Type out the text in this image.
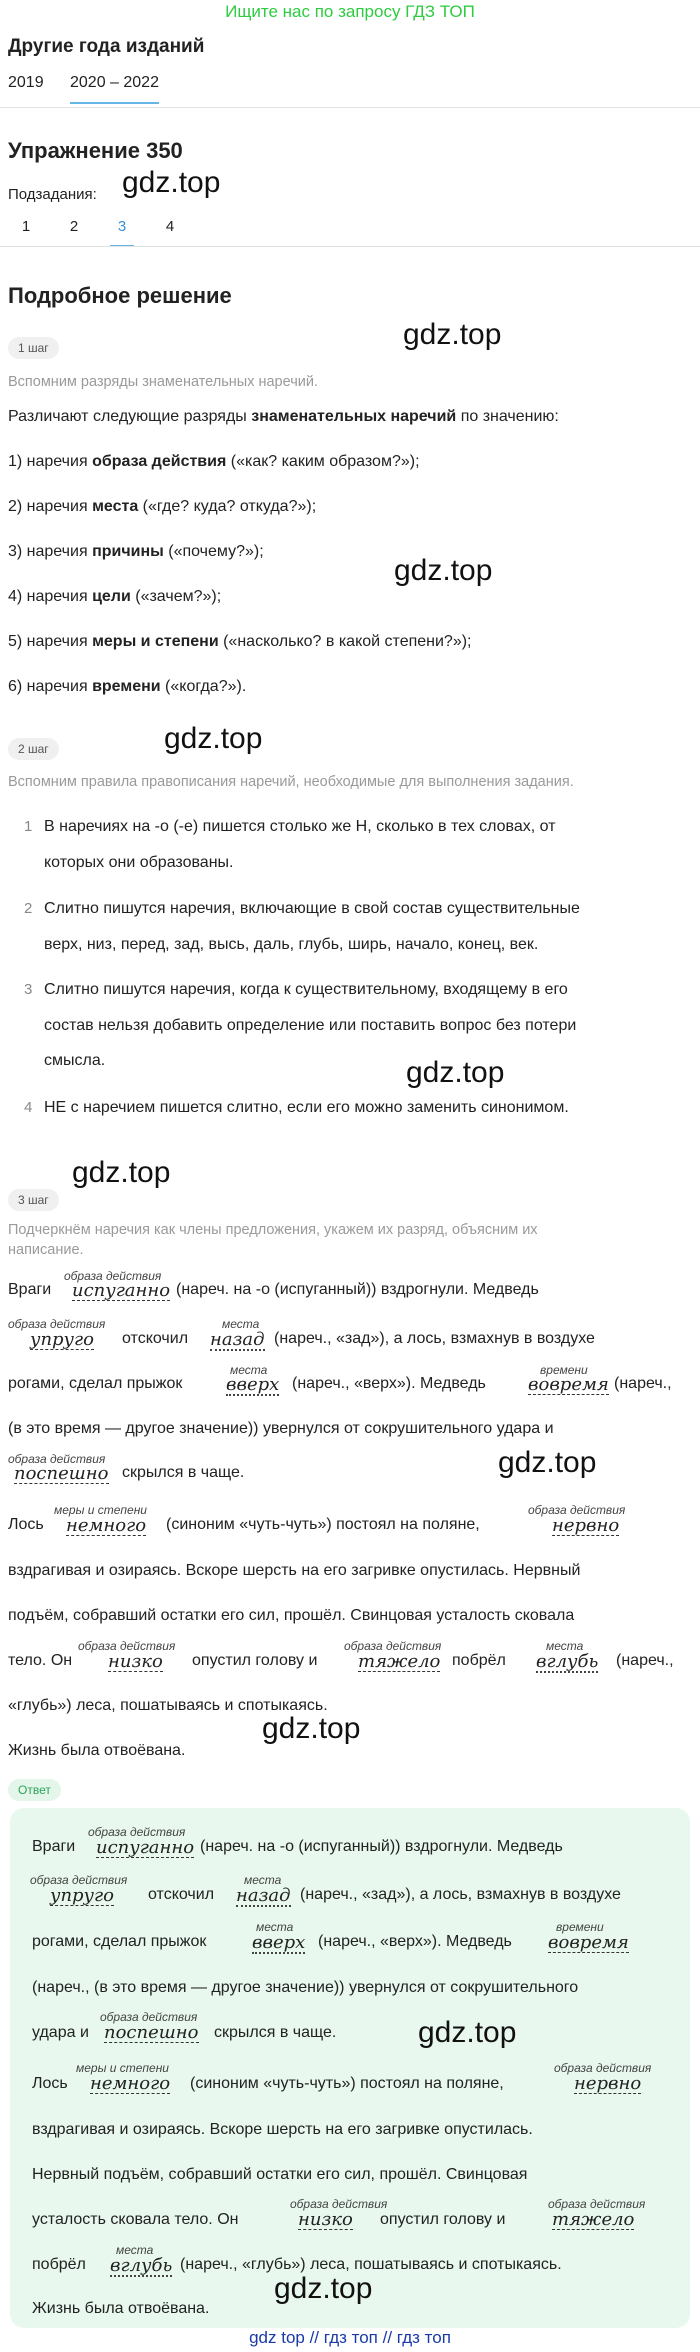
Ищите нас по запросу ГДЗ ТОП
Другие года изданий
2019 2020 – 2022
Упражнение 350
Подзадания: gdz.top
1	2	3	4
Подробное решение
1 шаг	gdz.top
Вспомним разряды знаменательных наречий.
Различают следующие разряды знаменательных наречий по значению:
1) наречия образа действия («как? каким образом?»);
2) наречия места («где? куда? откуда?»);
3) наречия причины («почему?»);
gdz.top
4) наречия цели («зачем?»);
5) наречия меры и степени («насколько? в какой степени?»);
6) наречия времени («когда?»).
gdz.top
2 шаг
Вспомним правила правописания наречий, необходимые для выполнения задания.
1 В наречиях на -о (-е) пишется столько же Н, сколько в тех словах, от
которых они образованы.
2 Слитно пишутся наречия, включающие в свой состав существительные
верх, низ, перед, зад, высь, даль, глубь, ширь, начало, конец, век.
3 Слитно пишутся наречия, когда к существительному, входящему в его
состав нельзя добавить определение или поставить вопрос без потери
смысла.	gdz.top
4 НЕ с наречием пишется слитно, если его можно заменить синонимом.
gdz.top
3 шаг
Подчеркнём наречия как члены предложения, укажем их разряд, объясним их
написание.
Враги
образа действия
испуганно (нареч. на -о (испуганный)) вздрогнули. Медведь
образа действия
упруго отскочил
места
назад (нареч., «зад»), а лось, взмахнув в воздухе
рогами, сделал прыжок
места
вверх (нареч., «верх»). Медведь
времени
вовремя (нареч.,
(в это время — другое значение)) увернулся от сокрушительного удара и
образа действия
поспешно скрылся в чаще.	gdz.top
Лось
меры и степени
немного (синоним «чуть-чуть») постоял на поляне,
образа действия
нервно
вздрагивая и озираясь. Вскоре шерсть на его загривке опустилась. Нервный
подъём, собравший остатки его сил, прошёл. Свинцовая усталость сковала
тело. Он
образа действия
низко опустил голову и
образа действия
тяжело побрёл
места
вглубь (нареч.,
«глубь») леса, пошатываясь и спотыкаясь.
gdz.top
Жизнь была отвоёвана.
Ответ
Враги
образа действия
испуганно (нареч. на -о (испуганный)) вздрогнули. Медведь
образа действия
упруго отскочил
места
назад (нареч., «зад»), а лось, взмахнув в воздухе
рогами, сделал прыжок
места
вверх (нареч., «верх»). Медведь
времени
вовремя
(нареч., (в это время — другое значение)) увернулся от сокрушительного
удара и
образа действия
поспешно скрылся в чаще.	gdz.top
Лось
меры и степени
немного (синоним «чуть-чуть») постоял на поляне,
образа действия
нервно
вздрагивая и озираясь. Вскоре шерсть на его загривке опустилась.
Нервный подъём, собравший остатки его сил, прошёл. Свинцовая
усталость сковала тело. Он
образа действия
низко опустил голову и
образа действия
тяжело
побрёл
места
вглубь (нареч., «глубь») леса, пошатываясь и спотыкаясь.
gdz.top
Жизнь была отвоёвана.
gdz top // гдз топ // гдз топ
